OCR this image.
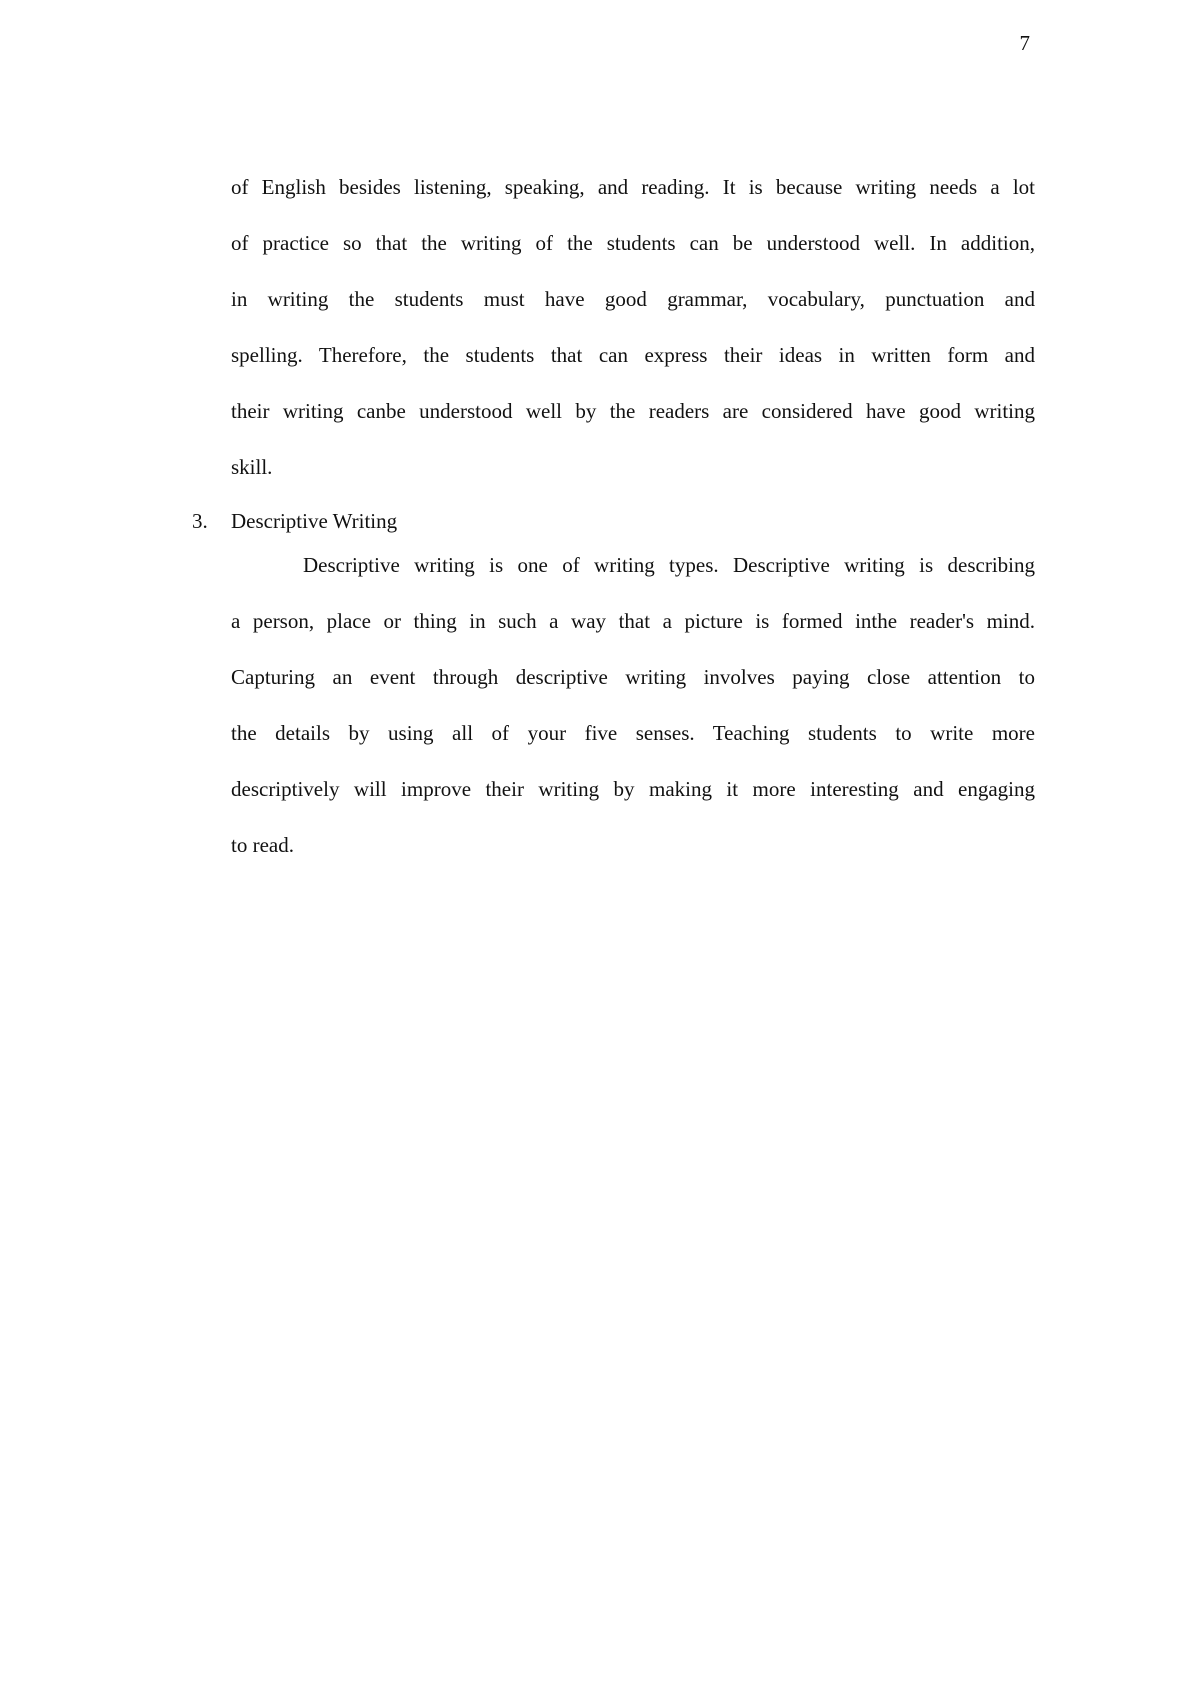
7
of English besides listening, speaking, and reading. It is because writing needs a lot
of practice so that the writing of the students can be understood well. In addition,
in writing the students must have good grammar, vocabulary, punctuation and
spelling. Therefore, the students that can express their ideas in written form and
their writing canbe understood well by the readers are considered have good writing
skill.
3. Descriptive Writing
Descriptive writing is one of writing types. Descriptive writing is describing
a person, place or thing in such a way that a picture is formed inthe reader's mind.
Capturing an event through descriptive writing involves paying close attention to
the details by using all of your five senses. Teaching students to write more
descriptively will improve their writing by making it more interesting and engaging
to read.
